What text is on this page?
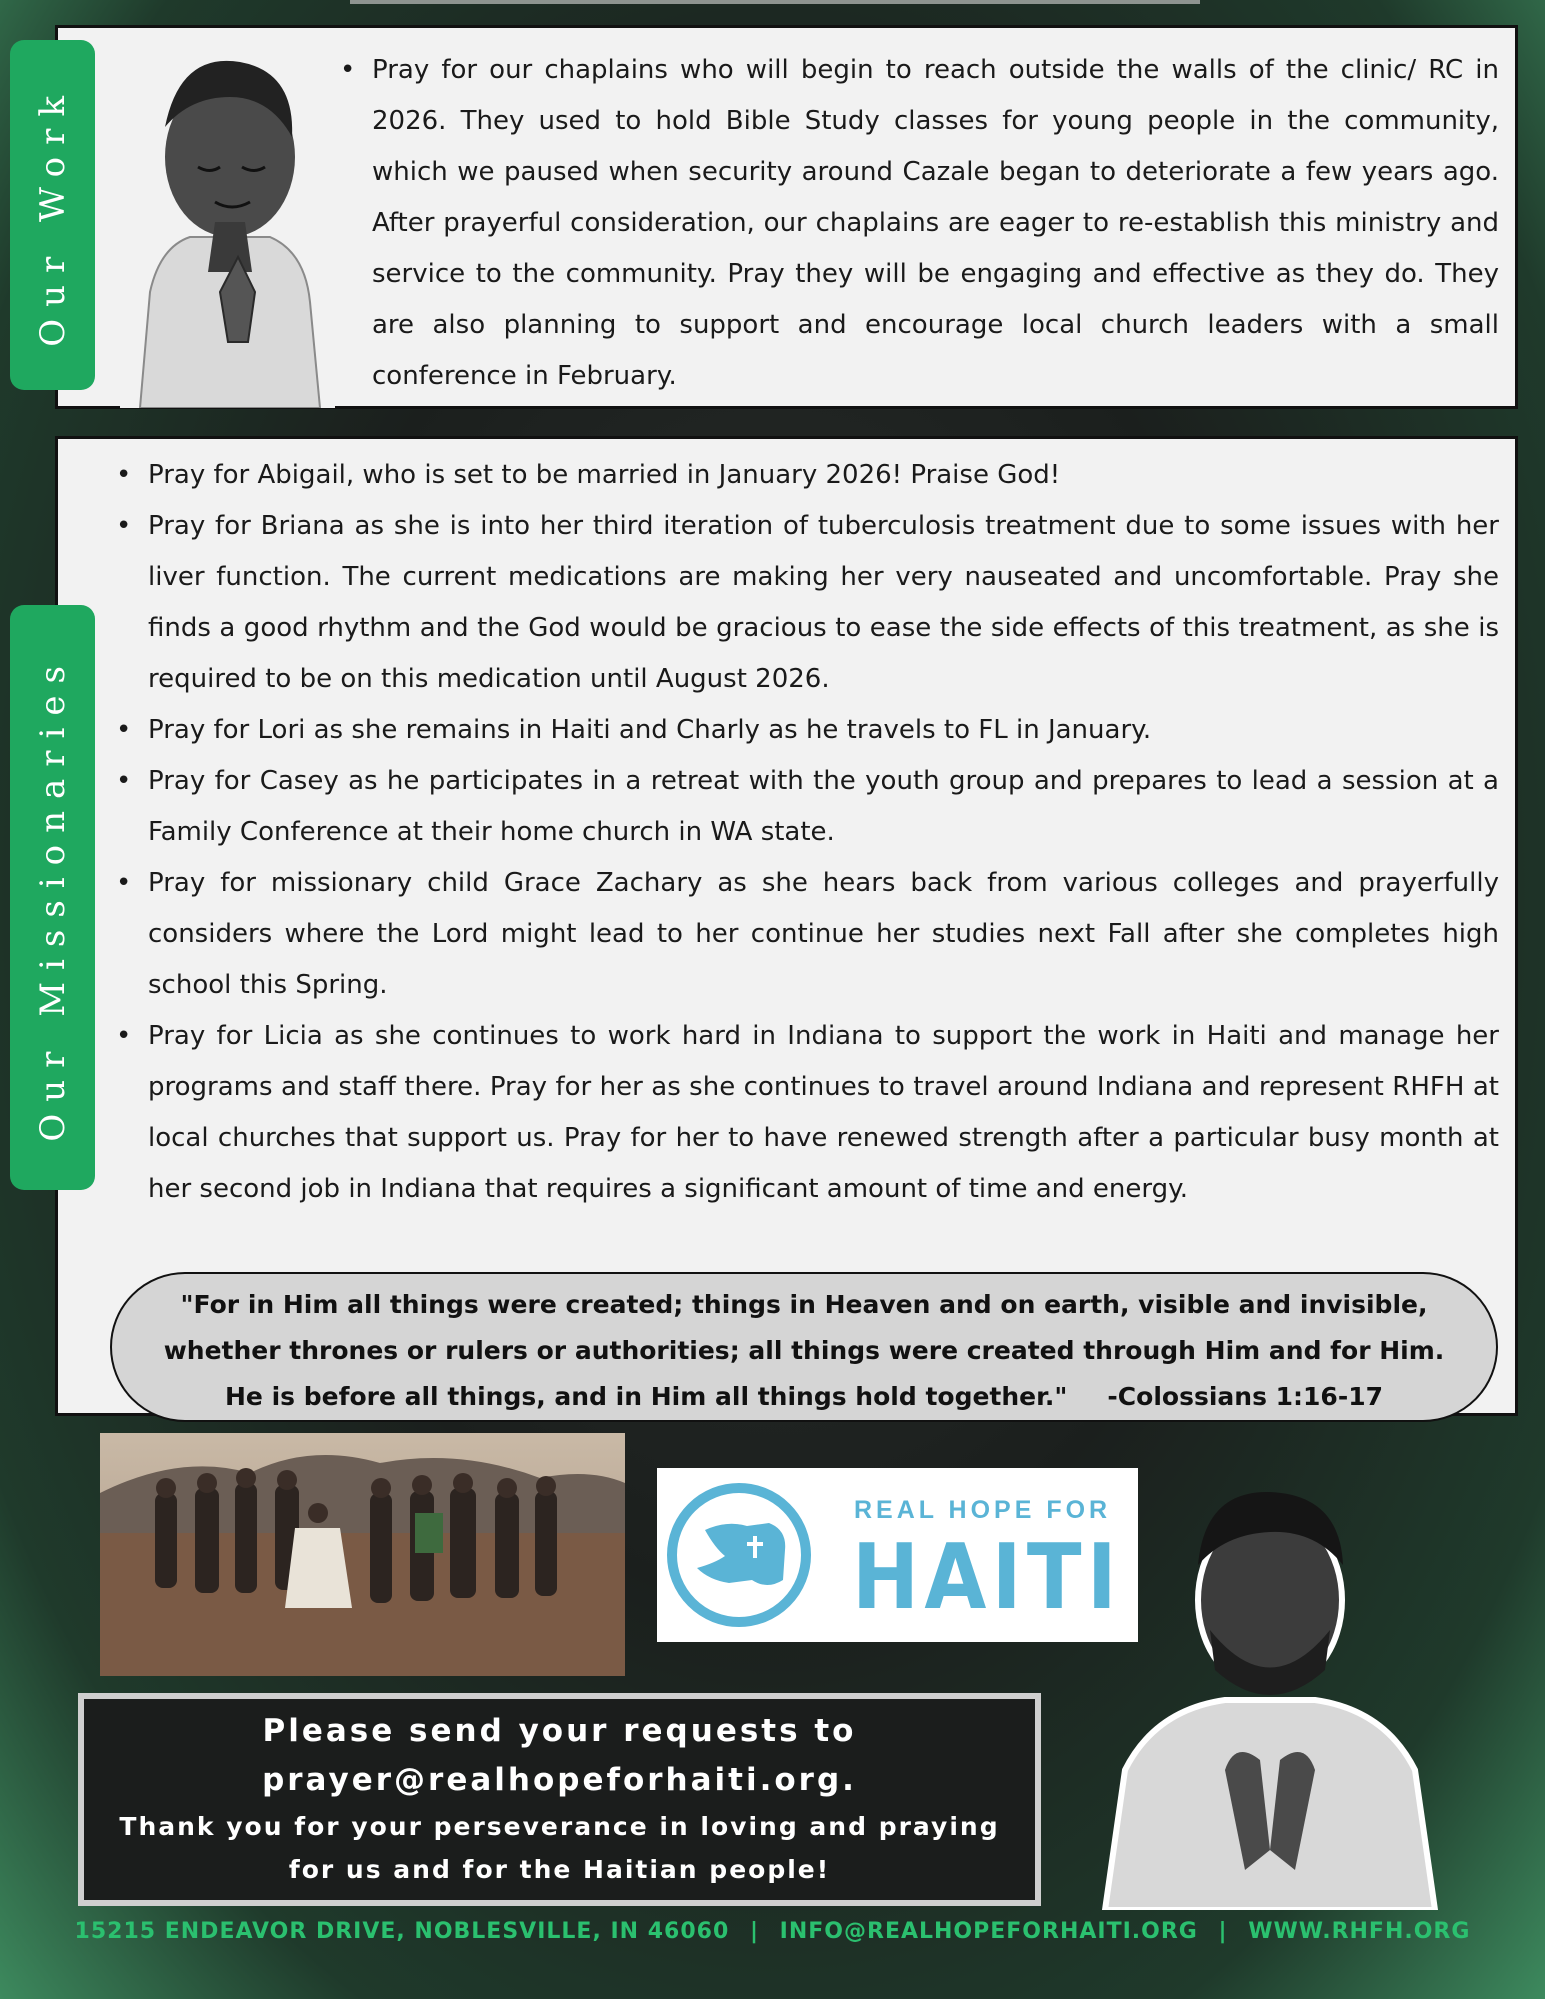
Our Work
• Pray for our chaplains who will begin to reach outside the walls of the clinic/ RC in 2026. They used to hold Bible Study classes for young people in the community, which we paused when security around Cazale began to deteriorate a few years ago. After prayerful consideration, our chaplains are eager to re-establish this ministry and service to the community. Pray they will be engaging and effective as they do. They are also planning to support and encourage local church leaders with a small conference in February.
Our Missionaries
• Pray for Abigail, who is set to be married in January 2026! Praise God!
• Pray for Briana as she is into her third iteration of tuberculosis treatment due to some issues with her liver function. The current medications are making her very nauseated and uncomfortable. Pray she finds a good rhythm and the God would be gracious to ease the side effects of this treatment, as she is required to be on this medication until August 2026.
• Pray for Lori as she remains in Haiti and Charly as he travels to FL in January.
• Pray for Casey as he participates in a retreat with the youth group and prepares to lead a session at a Family Conference at their home church in WA state.
• Pray for missionary child Grace Zachary as she hears back from various colleges and prayerfully considers where the Lord might lead to her continue her studies next Fall after she completes high school this Spring.
• Pray for Licia as she continues to work hard in Indiana to support the work in Haiti and manage her programs and staff there. Pray for her as she continues to travel around Indiana and represent RHFH at local churches that support us. Pray for her to have renewed strength after a particular busy month at her second job in Indiana that requires a significant amount of time and energy.
"For in Him all things were created; things in Heaven and on earth, visible and invisible,
whether thrones or rulers or authorities; all things were created through Him and for Him.
He is before all things, and in Him all things hold together." -Colossians 1:16-17
REAL HOPE FOR
HAITI
Please send your requests to
prayer@realhopeforhaiti.org.
Thank you for your perseverance in loving and praying
for us and for the Haitian people!
15215 ENDEAVOR DRIVE, NOBLESVILLE, IN 46060 | INFO@REALHOPEFORHAITI.ORG | WWW.RHFH.ORG
